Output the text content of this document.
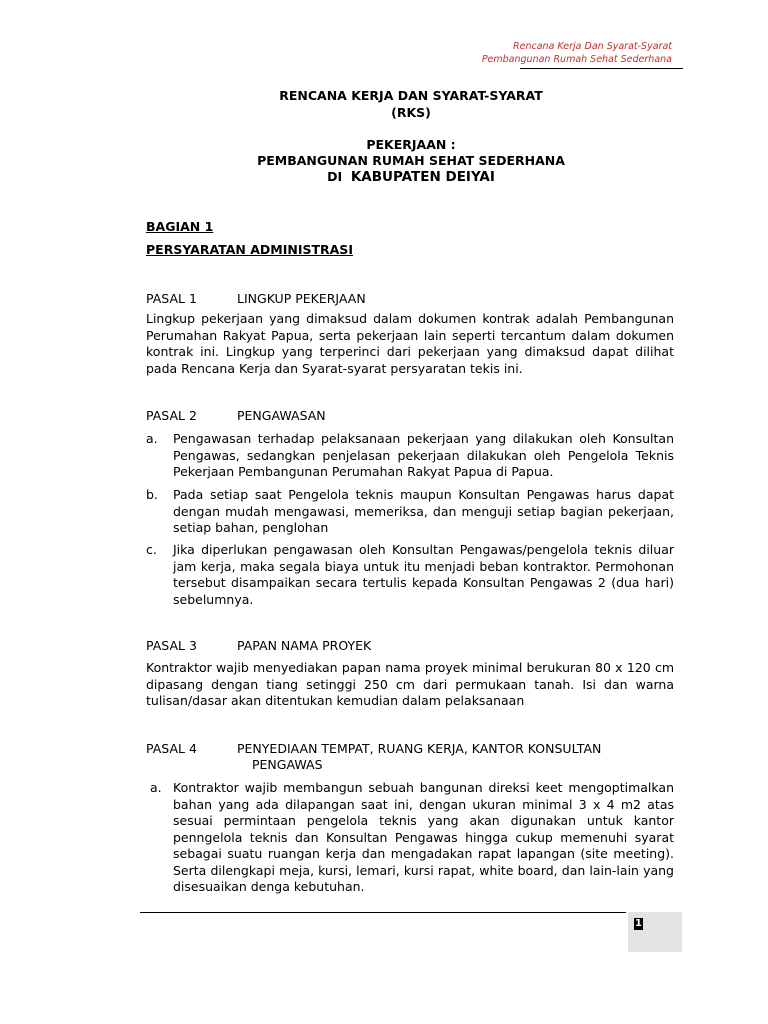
Rencana Kerja Dan Syarat-Syarat
Pembangunan Rumah Sehat Sederhana
RENCANA KERJA DAN SYARAT-SYARAT
(RKS)
PEKERJAAN :
PEMBANGUNAN RUMAH SEHAT SEDERHANA
DI KABUPATEN DEIYAI
BAGIAN 1
PERSYARATAN ADMINISTRASI
PASAL 1	LINGKUP PEKERJAAN
Lingkup pekerjaan yang dimaksud dalam dokumen kontrak adalah Pembangunan Perumahan Rakyat Papua, serta pekerjaan lain seperti tercantum dalam dokumen kontrak ini. Lingkup yang terperinci dari pekerjaan yang dimaksud dapat dilihat pada Rencana Kerja dan Syarat-syarat persyaratan tekis ini.
PASAL 2	PENGAWASAN
a. Pengawasan terhadap pelaksanaan pekerjaan yang dilakukan oleh Konsultan Pengawas, sedangkan penjelasan pekerjaan dilakukan oleh Pengelola Teknis Pekerjaan Pembangunan Perumahan Rakyat Papua di Papua.
b. Pada setiap saat Pengelola teknis maupun Konsultan Pengawas harus dapat dengan mudah mengawasi, memeriksa, dan menguji setiap bagian pekerjaan, setiap bahan, penglohan
c. Jika diperlukan pengawasan oleh Konsultan Pengawas/pengelola teknis diluar jam kerja, maka segala biaya untuk itu menjadi beban kontraktor. Permohonan tersebut disampaikan secara tertulis kepada Konsultan Pengawas 2 (dua hari) sebelumnya.
PASAL 3	PAPAN NAMA PROYEK
Kontraktor wajib menyediakan papan nama proyek minimal berukuran 80 x 120 cm dipasang dengan tiang setinggi 250 cm dari permukaan tanah. Isi dan warna tulisan/dasar akan ditentukan kemudian dalam pelaksanaan
PASAL 4	PENYEDIAAN TEMPAT, RUANG KERJA, KANTOR KONSULTAN
PENGAWAS
a. Kontraktor wajib membangun sebuah bangunan direksi keet mengoptimalkan bahan yang ada dilapangan saat ini, dengan ukuran minimal 3 x 4 m2 atas sesuai permintaan pengelola teknis yang akan digunakan untuk kantor penngelola teknis dan Konsultan Pengawas hingga cukup memenuhi syarat sebagai suatu ruangan kerja dan mengadakan rapat lapangan (site meeting). Serta dilengkapi meja, kursi, lemari, kursi rapat, white board, dan lain-lain yang disesuaikan denga kebutuhan.
1
